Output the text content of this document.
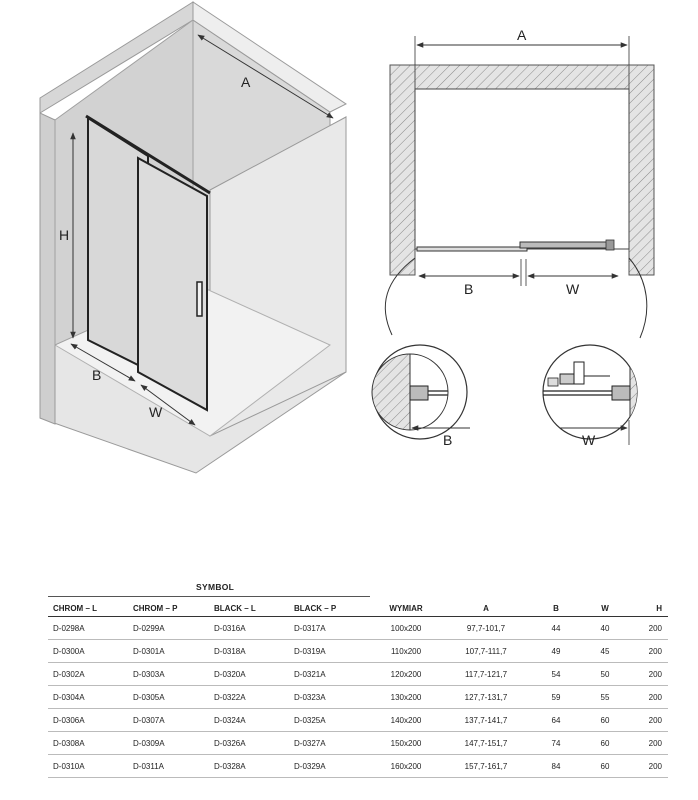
H
A
B
W
A
B	W
B	W
SYMBOL
CHROM – L	CHROM – P	BLACK – L	BLACK – P	WYMIAR	A	B	W	H
D-0298A	D-0299A	D-0316A	D-0317A	100x200	97,7-101,7	44	40	200
D-0300A	D-0301A	D-0318A	D-0319A	110x200	107,7-111,7	49	45	200
D-0302A	D-0303A	D-0320A	D-0321A	120x200	117,7-121,7	54	50	200
D-0304A	D-0305A	D-0322A	D-0323A	130x200	127,7-131,7	59	55	200
D-0306A	D-0307A	D-0324A	D-0325A	140x200	137,7-141,7	64	60	200
D-0308A	D-0309A	D-0326A	D-0327A	150x200	147,7-151,7	74	60	200
D-0310A	D-0311A	D-0328A	D-0329A	160x200	157,7-161,7	84	60	200
